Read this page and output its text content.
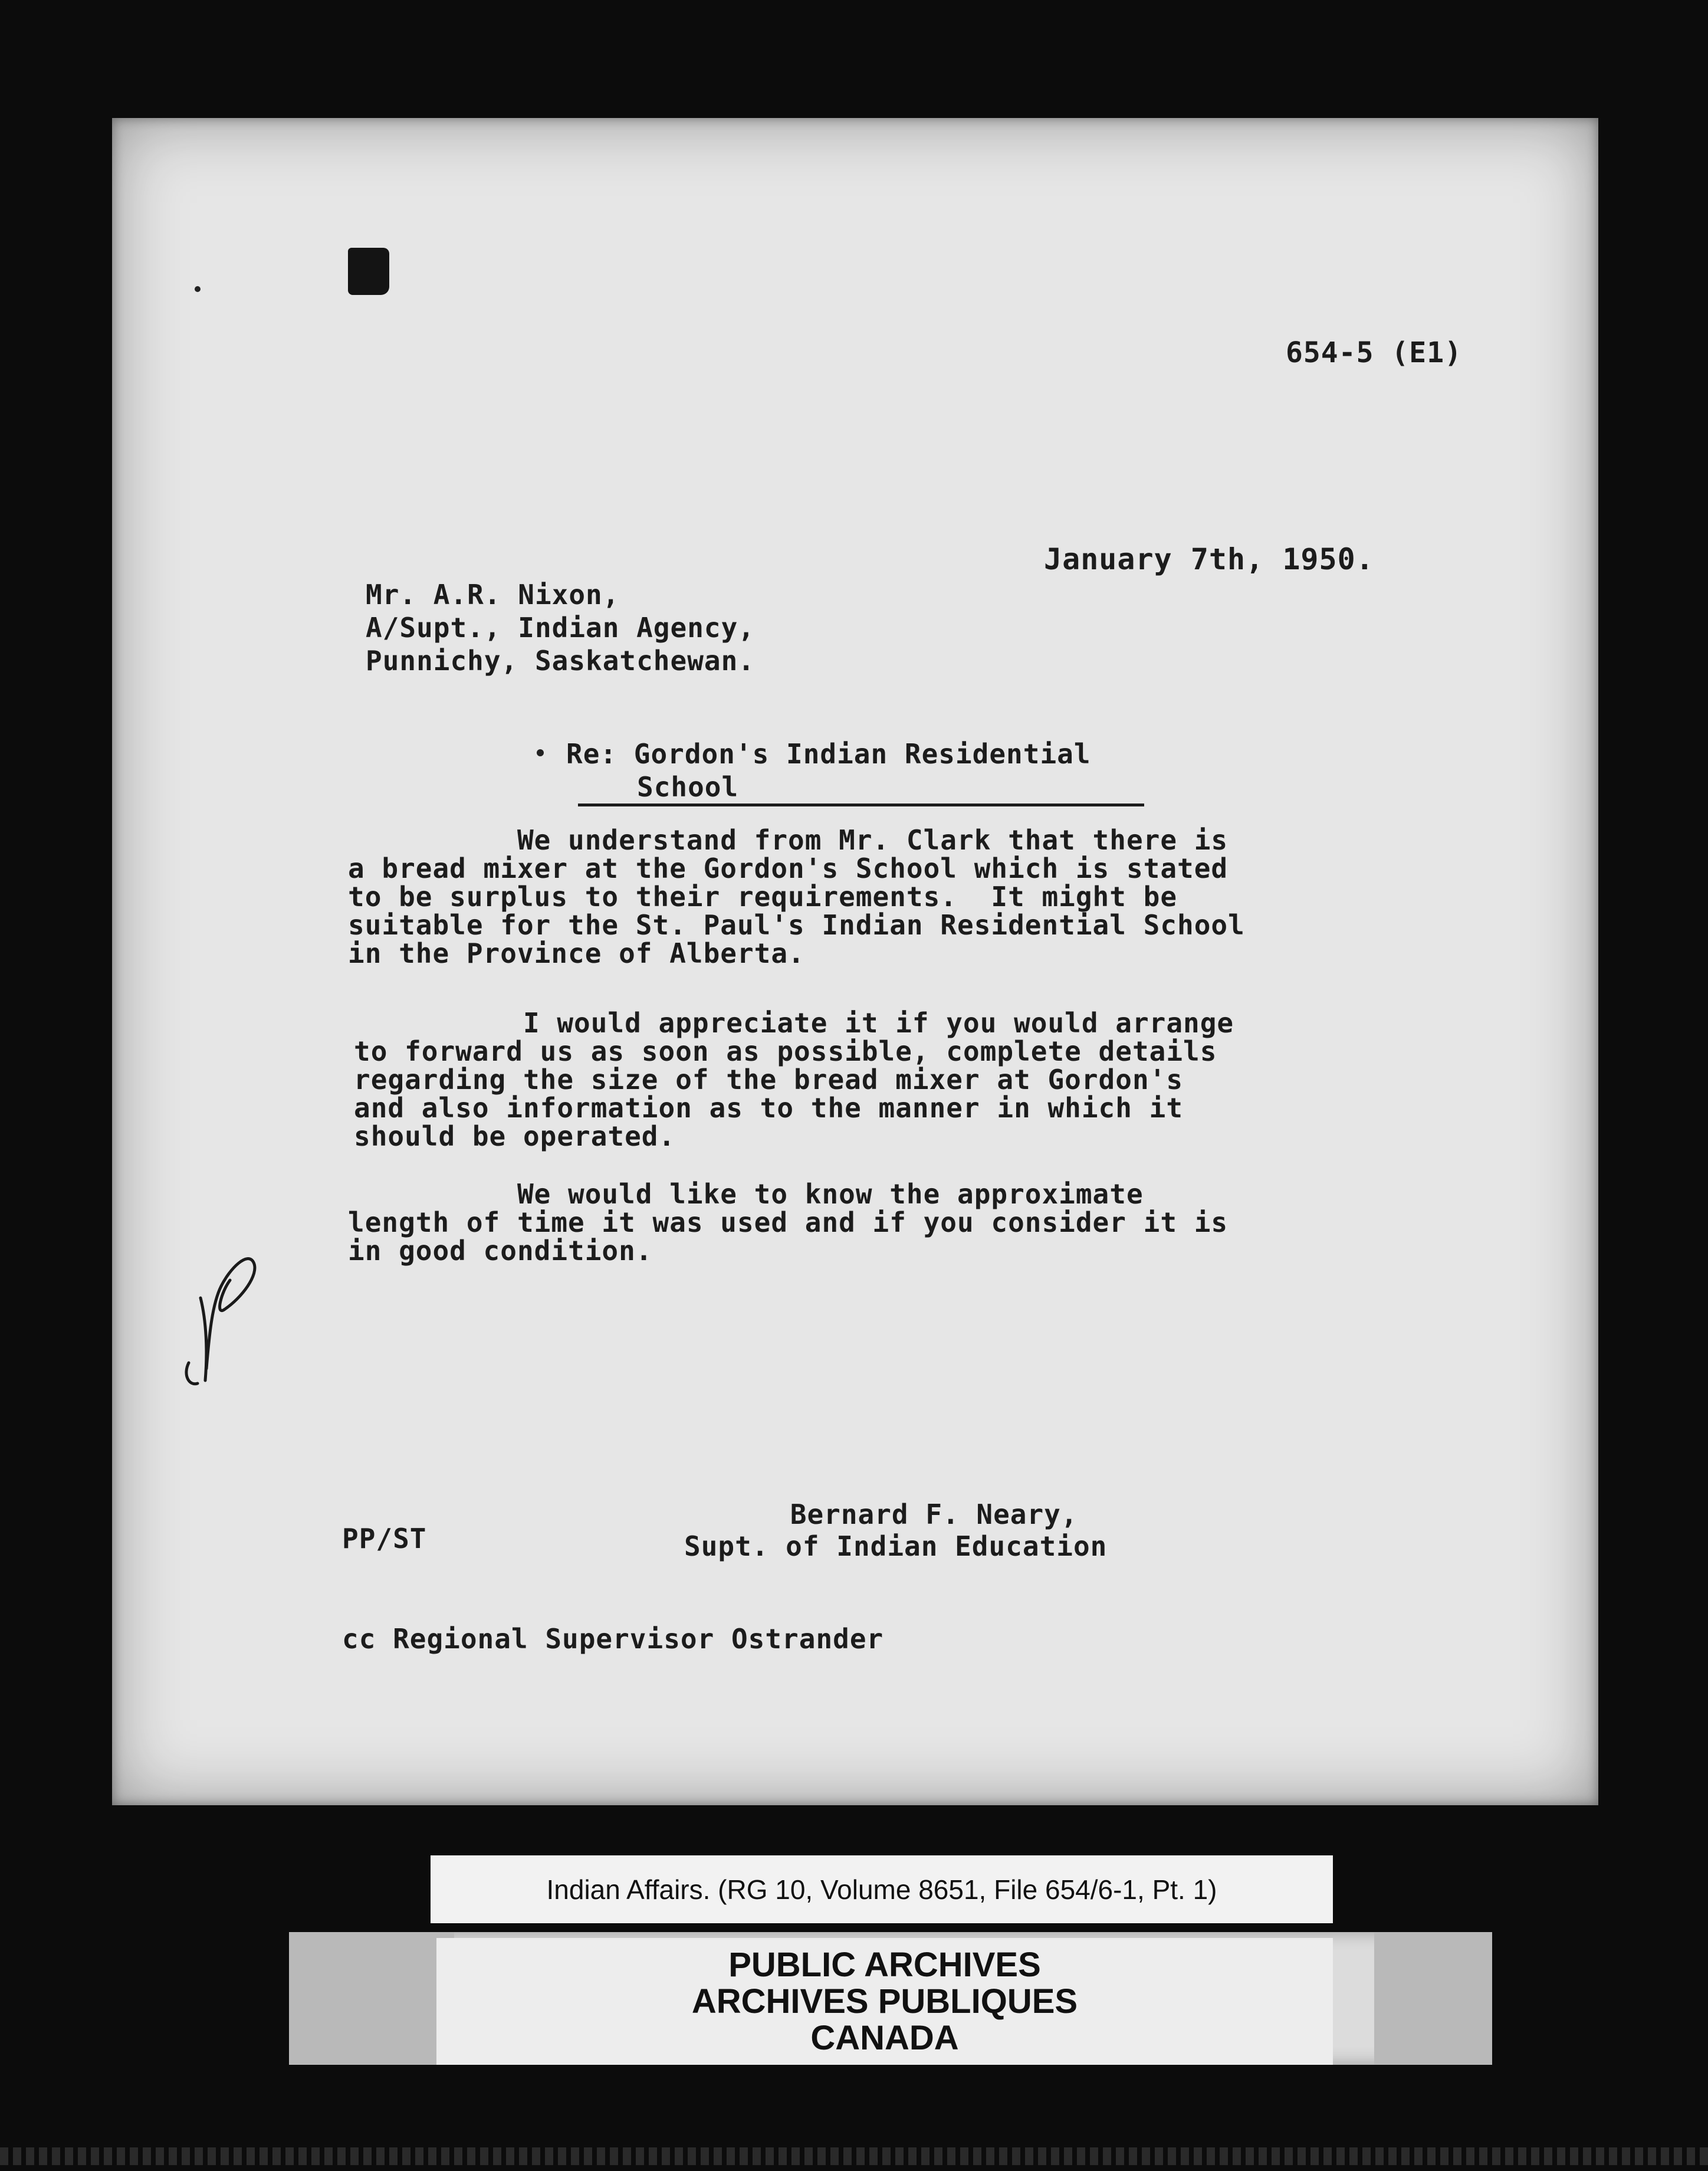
654-5 (E1)
January 7th, 1950.
Mr. A.R. Nixon,
A/Supt., Indian Agency,
Punnichy, Saskatchewan.
Re: Gordon's Indian Residential
School
We understand from Mr. Clark that there is
a bread mixer at the Gordon's School which is stated
to be surplus to their requirements.  It might be
suitable for the St. Paul's Indian Residential School
in the Province of Alberta.
I would appreciate it if you would arrange
to forward us as soon as possible, complete details
regarding the size of the bread mixer at Gordon's
and also information as to the manner in which it
should be operated.
We would like to know the approximate
length of time it was used and if you consider it is
in good condition.
PP/ST
Bernard F. Neary,
Supt. of Indian Education
cc Regional Supervisor Ostrander
Indian Affairs. (RG 10, Volume 8651, File 654/6-1, Pt. 1)
PUBLIC ARCHIVES
ARCHIVES PUBLIQUES
CANADA
